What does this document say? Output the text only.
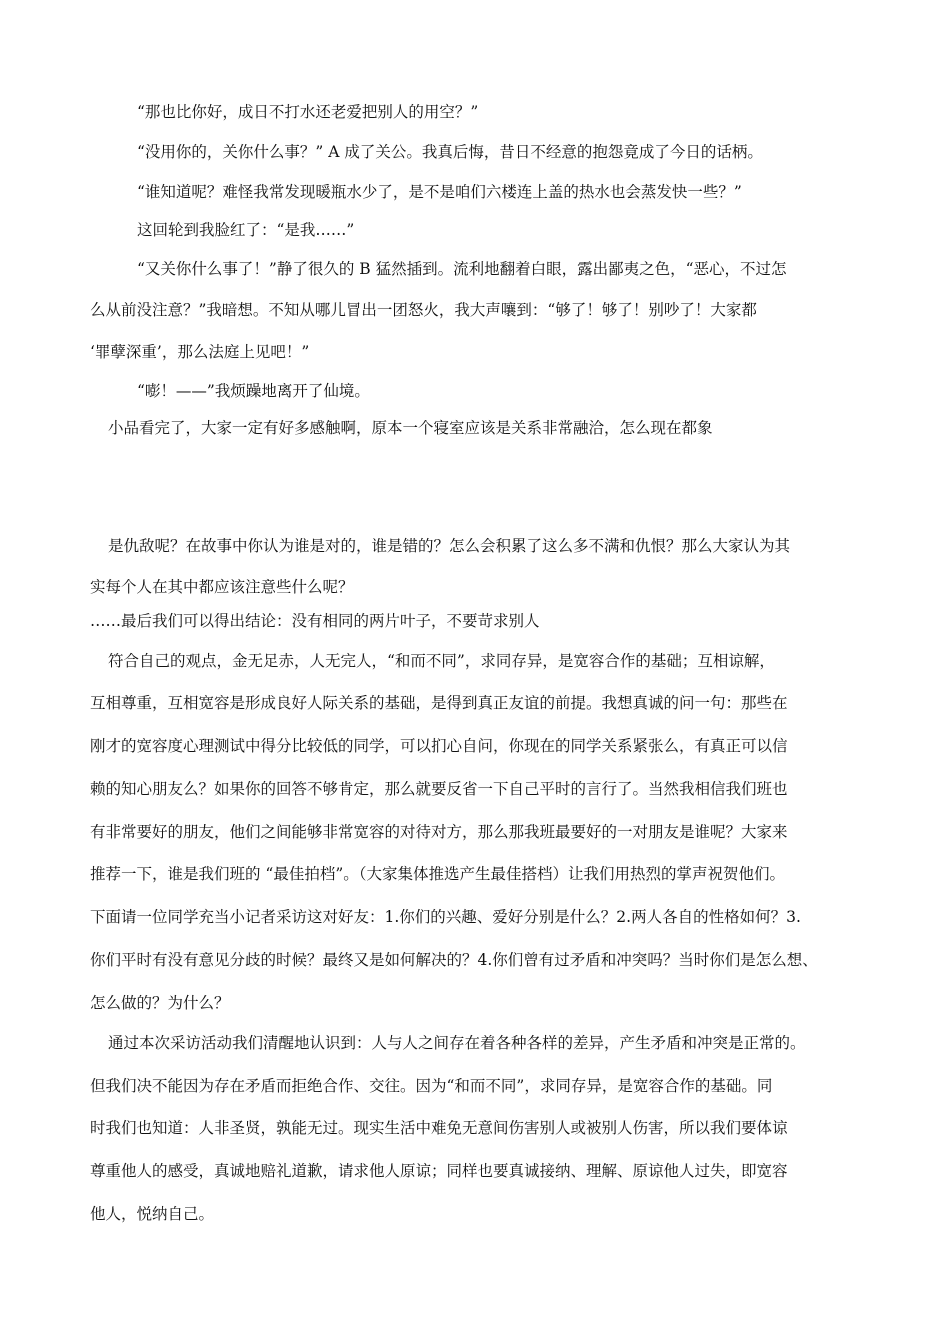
“那也比你好，成日不打水还老爱把别人的用空？”
“没用你的，关你什么事？” A 成了关公。我真后悔，昔日不经意的抱怨竟成了今日的话柄。
“谁知道呢？难怪我常发现暖瓶水少了，是不是咱们六楼连上盖的热水也会蒸发快一些？”
这回轮到我脸红了：“是我……”
“又关你什么事了！”静了很久的 B 猛然插到。流利地翻着白眼，露出鄙夷之色，“恶心，不过怎
么从前没注意？”我暗想。不知从哪儿冒出一团怒火，我大声嚷到：“够了！够了！别吵了！大家都
‘罪孽深重’，那么法庭上见吧！”
“嘭！——”我烦躁地离开了仙境。
小品看完了，大家一定有好多感触啊，原本一个寝室应该是关系非常融洽，怎么现在都象
是仇敌呢？在故事中你认为谁是对的，谁是错的？怎么会积累了这么多不满和仇恨？那么大家认为其
实每个人在其中都应该注意些什么呢？
……最后我们可以得出结论：没有相同的两片叶子，不要苛求别人
符合自己的观点，金无足赤，人无完人，“和而不同”，求同存异，是宽容合作的基础；互相谅解，
互相尊重，互相宽容是形成良好人际关系的基础，是得到真正友谊的前提。我想真诚的问一句：那些在
刚才的宽容度心理测试中得分比较低的同学，可以扪心自问，你现在的同学关系紧张么，有真正可以信
赖的知心朋友么？如果你的回答不够肯定，那么就要反省一下自己平时的言行了。当然我相信我们班也
有非常要好的朋友，他们之间能够非常宽容的对待对方，那么那我班最要好的一对朋友是谁呢？大家来
推荐一下，谁是我们班的 “最佳拍档”。（大家集体推选产生最佳搭档）让我们用热烈的掌声祝贺他们。
下面请一位同学充当小记者采访这对好友：1.你们的兴趣、爱好分别是什么？2.两人各自的性格如何？3.
你们平时有没有意见分歧的时候？最终又是如何解决的？4.你们曾有过矛盾和冲突吗？当时你们是怎么想、
怎么做的？为什么？
通过本次采访活动我们清醒地认识到：人与人之间存在着各种各样的差异，产生矛盾和冲突是正常的。
但我们决不能因为存在矛盾而拒绝合作、交往。因为“和而不同”，求同存异，是宽容合作的基础。同
时我们也知道：人非圣贤，孰能无过。现实生活中难免无意间伤害别人或被别人伤害，所以我们要体谅
尊重他人的感受，真诚地赔礼道歉，请求他人原谅；同样也要真诚接纳、理解、原谅他人过失，即宽容
他人，悦纳自己。
